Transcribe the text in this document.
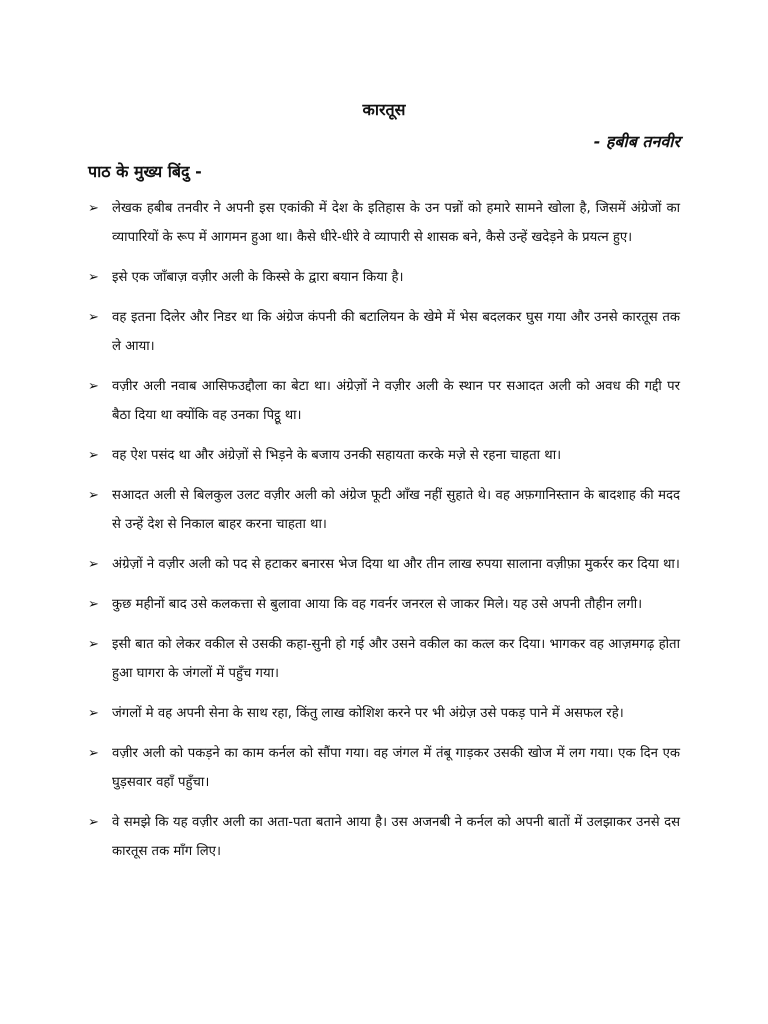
कारतूस
- हबीब तनवीर
पाठ के मुख्य बिंदु -
➢ लेखक हबीब तनवीर ने अपनी इस एकांकी में देश के इतिहास के उन पन्नों को हमारे सामने खोला है, जिसमें अंग्रेजों का व्यापारियों के रूप में आगमन हुआ था। कैसे धीरे-धीरे वे व्यापारी से शासक बने, कैसे उन्हें खदेड़ने के प्रयत्न हुए।
➢ इसे एक जाँबाज़ वज़ीर अली के किस्से के द्वारा बयान किया है।
➢ वह इतना दिलेर और निडर था कि अंग्रेज कंपनी की बटालियन के खेमे में भेस बदलकर घुस गया और उनसे कारतूस तक ले आया।
➢ वज़ीर अली नवाब आसिफउद्दौला का बेटा था। अंग्रेज़ों ने वज़ीर अली के स्थान पर सआदत अली को अवध की गद्दी पर बैठा दिया था क्योंकि वह उनका पिट्ठू था।
➢ वह ऐश पसंद था और अंग्रेज़ों से भिड़ने के बजाय उनकी सहायता करके मज़े से रहना चाहता था।
➢ सआदत अली से बिलकुल उलट वज़ीर अली को अंग्रेज फूटी आँख नहीं सुहाते थे। वह अफ़गानिस्तान के बादशाह की मदद से उन्हें देश से निकाल बाहर करना चाहता था।
➢ अंग्रेज़ों ने वज़ीर अली को पद से हटाकर बनारस भेज दिया था और तीन लाख रुपया सालाना वज़ीफ़ा मुकर्रर कर दिया था।
➢ कुछ महीनों बाद उसे कलकत्ता से बुलावा आया कि वह गवर्नर जनरल से जाकर मिले। यह उसे अपनी तौहीन लगी।
➢ इसी बात को लेकर वकील से उसकी कहा-सुनी हो गई और उसने वकील का कत्ल कर दिया। भागकर वह आज़मगढ़ होता हुआ घागरा के जंगलों में पहुँच गया।
➢ जंगलों मे वह अपनी सेना के साथ रहा, किंतु लाख कोशिश करने पर भी अंग्रेज़ उसे पकड़ पाने में असफल रहे।
➢ वज़ीर अली को पकड़ने का काम कर्नल को सौंपा गया। वह जंगल में तंबू गाड़कर उसकी खोज में लग गया। एक दिन एक घुड़सवार वहाँ पहुँचा।
➢ वे समझे कि यह वज़ीर अली का अता-पता बताने आया है। उस अजनबी ने कर्नल को अपनी बातों में उलझाकर उनसे दस कारतूस तक माँग लिए।
